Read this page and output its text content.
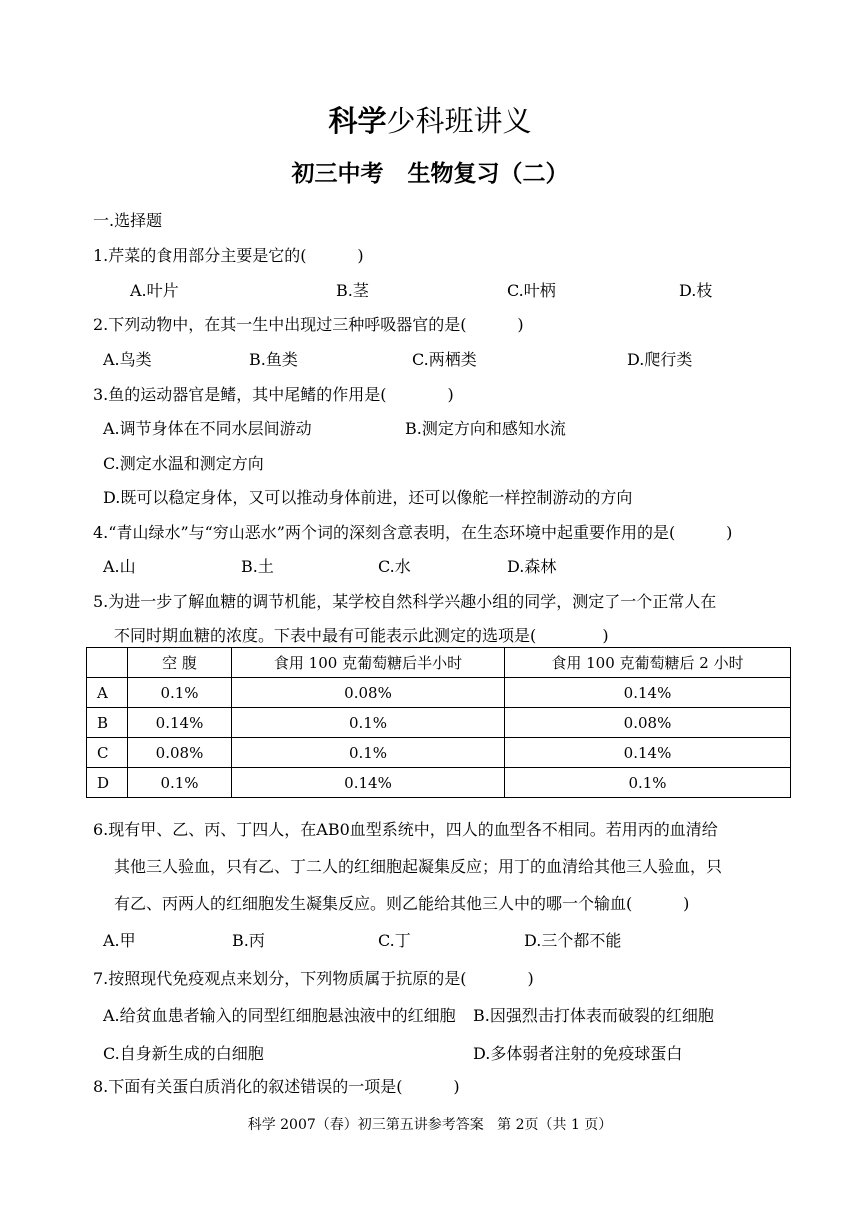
科学少科班讲义
初三中考   生物复习（二）
一.选择题
1.芹菜的食用部分主要是它的(          )
A.叶片	B.茎	C.叶柄	D.枝
2.下列动物中，在其一生中出现过三种呼吸器官的是(          )
A.鸟类	B.鱼类	C.两栖类	D.爬行类
3.鱼的运动器官是鳍，其中尾鳍的作用是(            )
A.调节身体在不同水层间游动	B.测定方向和感知水流
C.测定水温和测定方向
D.既可以稳定身体，又可以推动身体前进，还可以像舵一样控制游动的方向
4.“青山绿水”与“穷山恶水”两个词的深刻含意表明，在生态环境中起重要作用的是(          )
A.山	B.土	C.水	D.森林
5.为进一步了解血糖的调节机能，某学校自然科学兴趣小组的同学，测定了一个正常人在
不同时期血糖的浓度。下表中最有可能表示此测定的选项是(             )
	空 腹	食用 100 克葡萄糖后半小时	食用 100 克葡萄糖后 2 小时
A	0.1%	0.08%	0.14%
B	0.14%	0.1%	0.08%
C	0.08%	0.1%	0.14%
D	0.1%	0.14%	0.1%
6.现有甲、乙、丙、丁四人，在AB0血型系统中，四人的血型各不相同。若用丙的血清给
其他三人验血，只有乙、丁二人的红细胞起凝集反应；用丁的血清给其他三人验血，只
有乙、丙两人的红细胞发生凝集反应。则乙能给其他三人中的哪一个输血(          )
A.甲	B.丙	C.丁	D.三个都不能
7.按照现代免疫观点来划分，下列物质属于抗原的是(            )
A.给贫血患者输入的同型红细胞悬浊液中的红细胞 B.因强烈击打体表而破裂的红细胞
C.自身新生成的白细胞	D.多体弱者注射的免疫球蛋白
8.下面有关蛋白质消化的叙述错误的一项是(          )
科学 2007（春）初三第五讲参考答案   第 2页（共 1 页）
